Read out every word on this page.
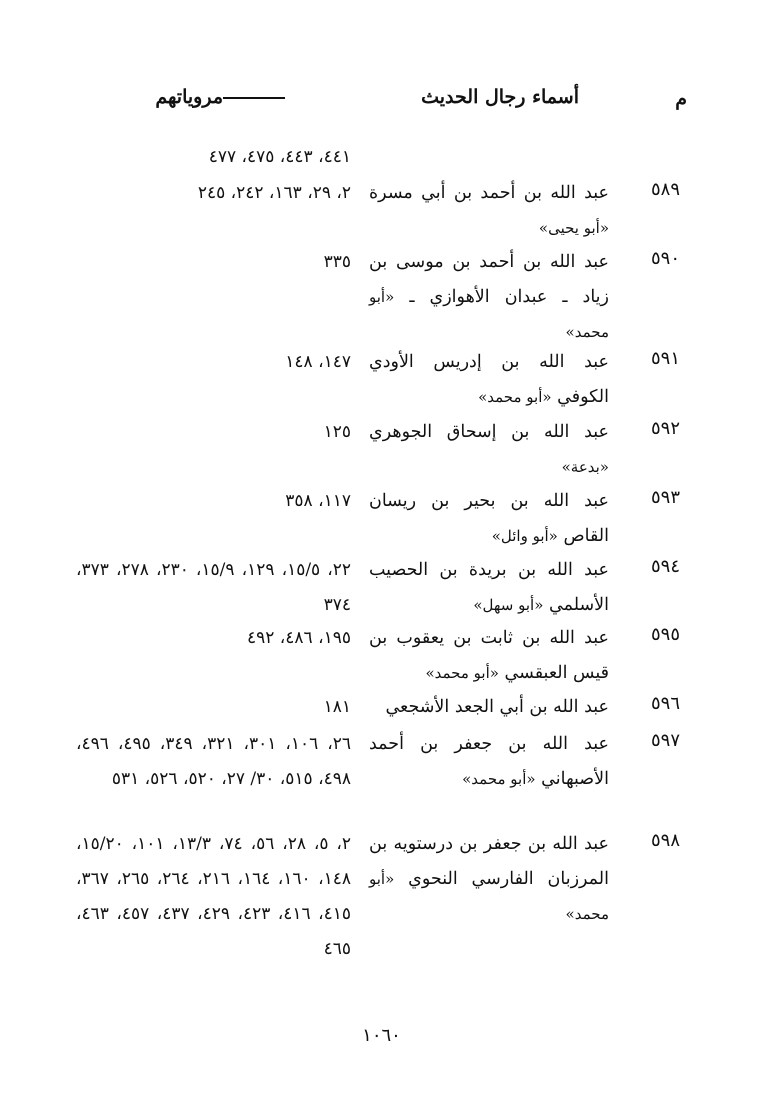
م
أسماء رجال الحديث
مروياتهم
٤٤١، ٤٤٣، ٤٧٥، ٤٧٧
٥٨٩
عبد الله بن أحمد بن أبي مسرة «أبو يحيى»
٢، ٢٩، ١٦٣، ٢٤٢، ٢٤٥
٥٩٠
عبد الله بن أحمد بن موسى بن زياد ـ عبدان الأهوازي ـ «أبو محمد»
٣٣٥
٥٩١
عبد الله بن إدريس الأودي الكوفي «أبو محمد»
١٤٧، ١٤٨
٥٩٢
عبد الله بن إسحاق الجوهري «بدعة»
١٢٥
٥٩٣
عبد الله بن بحير بن ريسان القاص «أبو وائل»
١١٧، ٣٥٨
٥٩٤
عبد الله بن بريدة بن الحصيب الأسلمي «أبو سهل»
٢٢، ١٥/٥، ١٢٩، ١٥/٩، ٢٣٠، ٢٧٨، ٣٧٣، ٣٧٤
٥٩٥
عبد الله بن ثابت بن يعقوب بن قيس العبقسي «أبو محمد»
١٩٥، ٤٨٦، ٤٩٢
٥٩٦
عبد الله بن أبي الجعد الأشجعي
١٨١
٥٩٧
عبد الله بن جعفر بن أحمد الأصبهاني «أبو محمد»
٢٦، ١٠٦، ٣٠١، ٣٢١، ٣٤٩، ٤٩٥، ٤٩٦، ٤٩٨، ٥١٥، ٣٠/ ٢٧، ٥٢٠، ٥٢٦، ٥٣١
٥٩٨
عبد الله بن جعفر بن درستويه بن المرزبان الفارسي النحوي «أبو محمد»
٢، ٥، ٢٨، ٥٦، ٧٤، ١٣/٣، ١٠١، ١٥/٢٠، ١٤٨، ١٦٠، ١٦٤، ٢١٦، ٢٦٤، ٢٦٥، ٣٦٧، ٤١٥، ٤١٦، ٤٢٣، ٤٢٩، ٤٣٧، ٤٥٧، ٤٦٣، ٤٦٥
١٠٦٠
